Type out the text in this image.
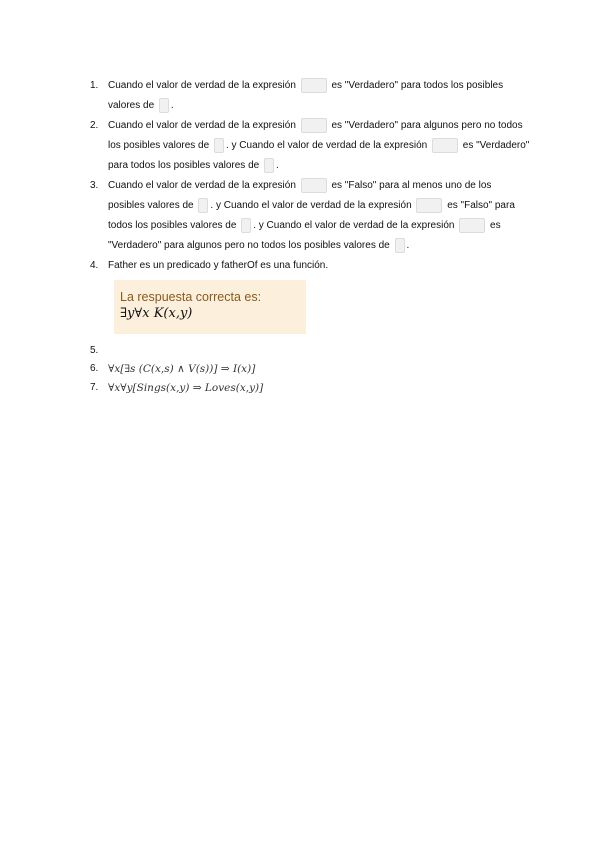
1. Cuando el valor de verdad de la expresión	es "Verdadero" para todos los posibles valores de .
2. Cuando el valor de verdad de la expresión	es "Verdadero" para algunos pero no todos los posibles valores de . y Cuando el valor de verdad de la expresión	es "Verdadero" para todos los posibles valores de .
3. Cuando el valor de verdad de la expresión	es "Falso" para al menos uno de los posibles valores de . y Cuando el valor de verdad de la expresión	es "Falso" para todos los posibles valores de . y Cuando el valor de verdad de la expresión	es "Verdadero" para algunos pero no todos los posibles valores de .
4. Father es un predicado y fatherOf es una función.
La respuesta correcta es:
∃y∀x K(x,y)
5.

6. ∀x[∃s (C(x,s) ∧ V(s))] ⇒ I(x)]
7. ∀x∀y[Sings(x,y) ⇒ Loves(x,y)]
